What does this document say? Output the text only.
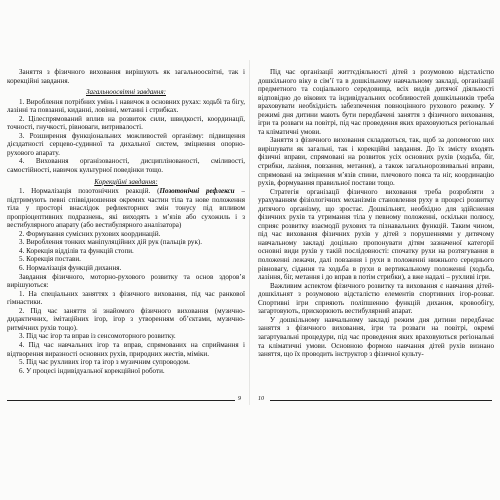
Заняття з фізичного виховання вирішують як загальноосвітні, так і корекційні завдання.

Загальноосвітні завдання:

1. Вироблення потрібних умінь і навичок в основних рухах: ходьбі та бігу, лазінні та повзанні, киданні, ловінні, метанні і стрибках.

2. Цілеспрямований вплив на розвиток сили, швидкості, координації, точності, гнучкості, рівноваги, витривалості.

3. Розширення функціональних можливостей організму: підвищення дієздатності серцево-судинної та дихальної систем, зміцнення опорно-рухового апарату.

4. Виховання організованості, дисциплінованості, сміливості, самостійності, навичок культурної поведінки тощо.

Корекційні завдання:

1. Нормалізація позотонічних реакцій. (Позотонічні рефлекси – підтримують певні співвідношення окремих частин тіла та нове положення тіла у просторі внаслідок рефлекторних змін тонусу під впливом пропріоцептивних подразнень, які виходять з м’язів або сухожиль і з вестибулярного апарату (або вестибулярного аналізатора)

2. Формування сумісних рухових координацій.

3. Вироблення тонких маніпуляційних дій рук (пальців рук).

4. Корекція відділів та функцій стопи.

5. Корекція постави.

6. Нормалізація функцій дихання.

Завдання фізичного, моторно-рухового розвитку та основ здоров’я вирішуються:

1. На спеціальних заняттях з фізичного виховання, під час ранкової гімнастики.

2. Під час заняття зі знайомого фізичного виховання (музично-дидактичних, імітаційних ігор, ігор з утворенням об’єктами, музично-ритмічних рухів тощо).

3. Під час ігор та вправ із сенсомоторного розвитку.

4. Під час навчальних ігор та вправ, спрямованих на сприймання і відтворення виразності основних рухів, природних жестів, міміки.

5. Під час рухливих ігор та ігор з музичним супроводом.

6. У процесі індивідуальної корекційної роботи.

9

Під час організації життєдіяльності дітей з розумовою відсталістю дошкільного віку в сім’ї та в дошкільному навчальному закладі, організації предметного та соціального середовища, всіх видів дитячої діяльності відповідно до вікових та індивідуальних особливостей дошкільників треба враховувати необхідність забезпечення повноцінного рухового режиму. У режимі дня дитини мають бути передбачені заняття з фізичного виховання, ігри та розваги на повітрі, під час проведення яких враховуються регіональні та кліматичні умови.

Заняття з фізичного виховання складаються, так, щоб за допомогою них вирішувати як загальні, так і корекційні завдання. До їх змісту входять фізичні вправи, спрямовані на розвиток усіх основних рухів (ходьба, біг, стрибки, лазіння, повзання, метання), а також загальнорозвивальні вправи, спрямовані на зміцнення м’язів спини, плечового пояса та ніг, координацію рухів, формування правильної постави тощо.

Стратегія організації фізичного виховання треба розробляти з урахуванням фізіологічних механізмів становлення руху в процесі розвитку дитячого організму, що зростає. Дошкільнят, необхідно для здійснення фізичних рухів та утримання тіла у певному положенні, оскільки полюсу, сприяє розвитку взаємодії рухових та пізнавальних функцій. Таким чином, під час виховання фізичних рухів у дітей з порушеннями у дитячому навчальному закладі доцільно пропонувати дітям зазначеної категорії основні види рухів у такій послідовності: спочатку рухи на розтягування в положенні лежачи, далі повзання і рухи в положенні нижнього середнього рівновагу, сідання та ходьба в рухи в вертикальному положенні (ходьба, лазіння, біг, метання і до вправ в потім стрибки), а вже надалі – рухливі ігри.

Важливим аспектом фізичного розвитку та виховання є навчання дітей-дошкільнят з розумовою відсталістю елементів спортивних ігор-розваг. Спортивні ігри сприяють поліпшенню функцій дихання, кровообігу, загартовують, прискорюють вестибулярний апарат.

У дошкільному навчальному закладі режим дня дитини передбачає заняття з фізичного виховання, ігри та розваги на повітрі, окремі загартувальні процедури, під час проведення яких враховуються регіональні та кліматичні умови. Основною формою навчання дітей рухів визнано заняття, що їх проводить інструктор з фізичної культу-

10
